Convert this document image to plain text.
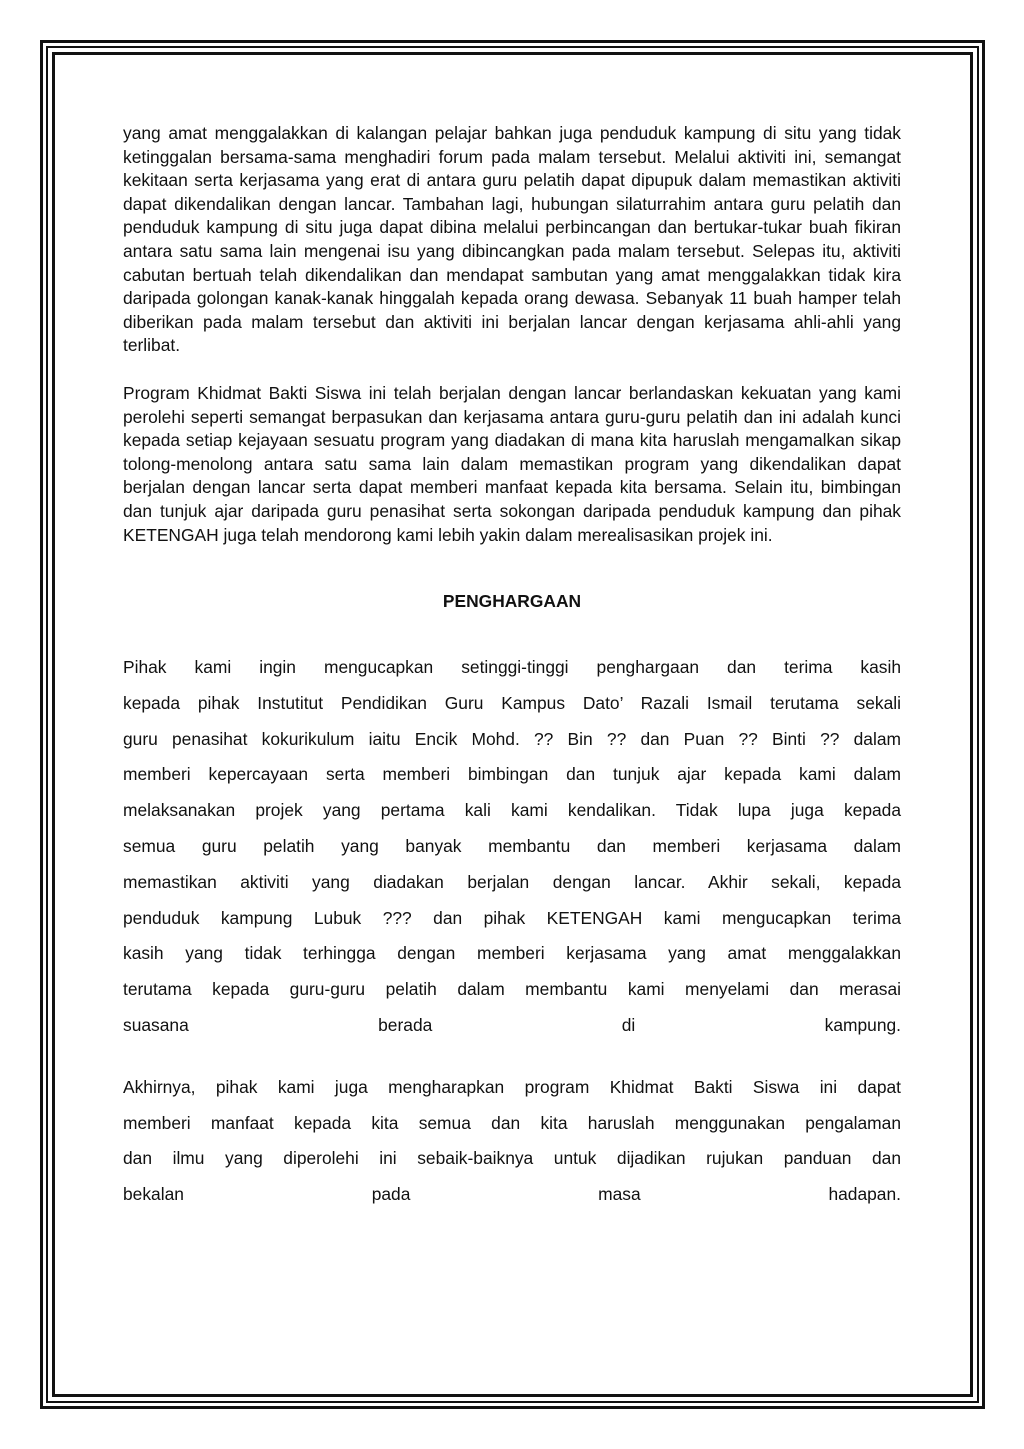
yang amat menggalakkan di kalangan pelajar bahkan juga penduduk kampung di situ yang tidak ketinggalan bersama-sama menghadiri forum pada malam tersebut. Melalui aktiviti ini, semangat kekitaan serta kerjasama yang erat di antara guru pelatih dapat dipupuk dalam memastikan aktiviti dapat dikendalikan dengan lancar. Tambahan lagi, hubungan silaturrahim antara guru pelatih dan penduduk kampung di situ juga dapat dibina melalui perbincangan dan bertukar-tukar buah fikiran antara satu sama lain mengenai isu yang dibincangkan pada malam tersebut. Selepas itu, aktiviti cabutan bertuah telah dikendalikan dan mendapat sambutan yang amat menggalakkan tidak kira daripada golongan kanak-kanak hinggalah kepada orang dewasa. Sebanyak 11 buah hamper telah diberikan pada malam tersebut dan aktiviti ini berjalan lancar dengan kerjasama ahli-ahli yang terlibat.

Program Khidmat Bakti Siswa ini telah berjalan dengan lancar berlandaskan kekuatan yang kami perolehi seperti semangat berpasukan dan kerjasama antara guru-guru pelatih dan ini adalah kunci kepada setiap kejayaan sesuatu program yang diadakan di mana kita haruslah mengamalkan sikap tolong-menolong antara satu sama lain dalam memastikan program yang dikendalikan dapat berjalan dengan lancar serta dapat memberi manfaat kepada kita bersama. Selain itu, bimbingan dan tunjuk ajar daripada guru penasihat serta sokongan daripada penduduk kampung dan pihak KETENGAH juga telah mendorong kami lebih yakin dalam merealisasikan projek ini.

PENGHARGAAN
Pihak kami ingin mengucapkan setinggi-tinggi penghargaan dan terima kasih
kepada pihak Instutitut Pendidikan Guru Kampus Dato’ Razali Ismail terutama sekali
guru penasihat kokurikulum iaitu Encik Mohd. ?? Bin ?? dan Puan ?? Binti ?? dalam
memberi kepercayaan serta memberi bimbingan dan tunjuk ajar kepada kami dalam
melaksanakan projek yang pertama kali kami kendalikan. Tidak lupa juga kepada
semua guru pelatih yang banyak membantu dan memberi kerjasama dalam
memastikan aktiviti yang diadakan berjalan dengan lancar. Akhir sekali, kepada
penduduk kampung Lubuk ??? dan pihak KETENGAH kami mengucapkan terima
kasih yang tidak terhingga dengan memberi kerjasama yang amat menggalakkan
terutama kepada guru-guru pelatih dalam membantu kami menyelami dan merasai
suasana	berada	di	kampung.
Akhirnya, pihak kami juga mengharapkan program Khidmat Bakti Siswa ini dapat
memberi manfaat kepada kita semua dan kita haruslah menggunakan pengalaman
dan ilmu yang diperolehi ini sebaik-baiknya untuk dijadikan rujukan panduan dan
bekalan	pada	masa	hadapan.
